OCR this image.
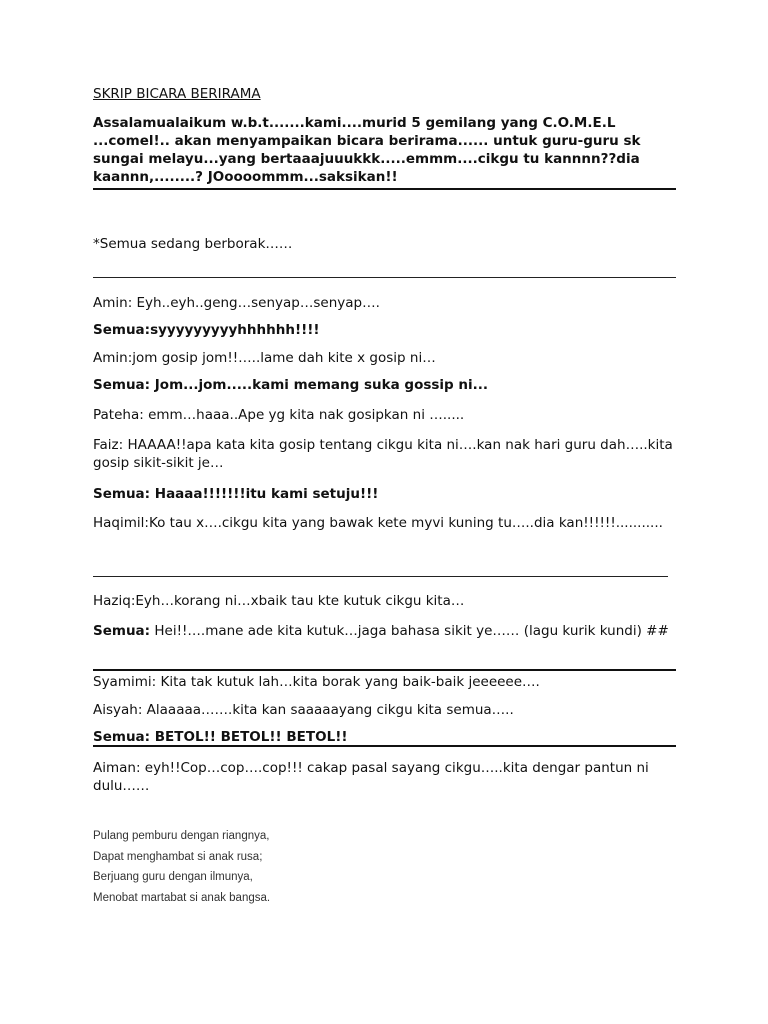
SKRIP BICARA BERIRAMA
Assalamualaikum w.b.t.......kami....murid 5 gemilang yang C.O.M.E.L ...comel!.. akan menyampaikan bicara berirama...... untuk guru-guru sk sungai melayu...yang bertaaajuuukkk.....emmm....cikgu tu kannnn??dia kaannn,........? JOoooommm...saksikan!!
*Semua sedang berborak……
Amin: Eyh..eyh..geng…senyap…senyap….
Semua:syyyyyyyyyhhhhhh!!!!
Amin:jom gosip jom!!…..lame dah kite x gosip ni…
Semua: Jom...jom.....kami memang suka gossip ni...
Pateha: emm…haaa..Ape yg kita nak gosipkan ni ….....
Faiz: HAAAA!!apa kata kita gosip tentang cikgu kita ni….kan nak hari guru dah…..kita gosip sikit-sikit je…
Semua: Haaaa!!!!!!!itu kami setuju!!!
Haqimil:Ko tau x….cikgu kita yang bawak kete myvi kuning tu…..dia kan!!!!!!...........
Haziq:Eyh…korang ni…xbaik tau kte kutuk cikgu kita…
Semua: Hei!!….mane ade kita kutuk…jaga bahasa sikit ye…… (lagu kurik kundi) ##
Syamimi: Kita tak kutuk lah…kita borak yang baik-baik jeeeeee….
Aisyah: Alaaaaa…….kita kan saaaaayang cikgu kita semua…..
Semua: BETOL!! BETOL!! BETOL!!
Aiman: eyh!!Cop…cop….cop!!! cakap pasal sayang cikgu…..kita dengar pantun ni dulu……
Pulang pemburu dengan riangnya,
Dapat menghambat si anak rusa;
Berjuang guru dengan ilmunya,
Menobat martabat si anak bangsa.
